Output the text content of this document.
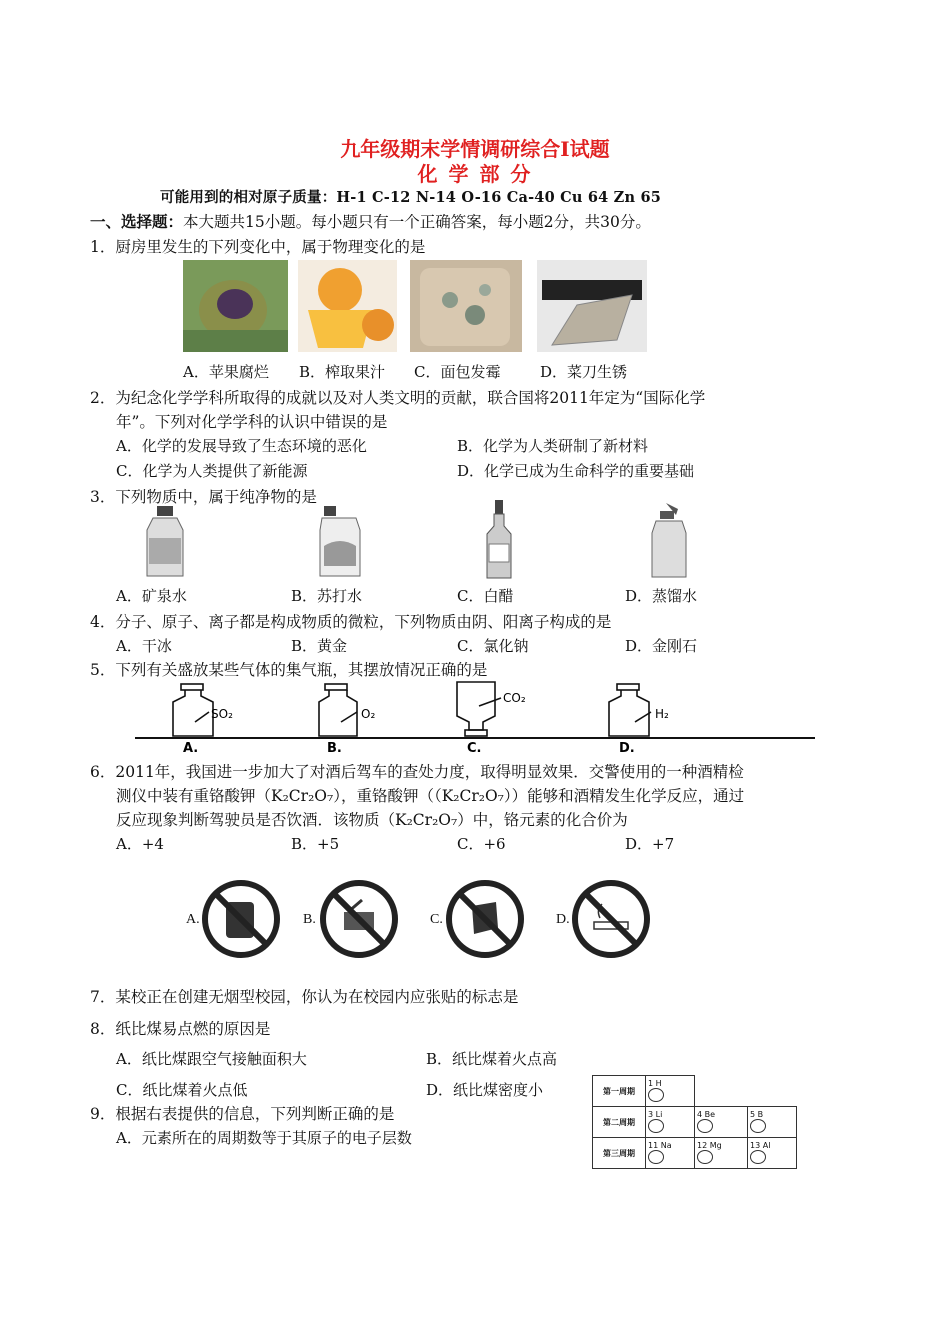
九年级期末学情调研综合Ⅰ试题
化 学 部 分
可能用到的相对原子质量：H-1 C-12 N-14 O-16 Ca-40 Cu 64 Zn 65
一、选择题：本大题共15小题。每小题只有一个正确答案，每小题2分，共30分。
1．厨房里发生的下列变化中，属于物理变化的是
A．苹果腐烂 B．榨取果汁 C．面包发霉	D．菜刀生锈
2．为纪念化学学科所取得的成就以及对人类文明的贡献，联合国将2011年定为“国际化学
年”。下列对化学学科的认识中错误的是
A．化学的发展导致了生态环境的恶化	B．化学为人类研制了新材料
C．化学为人类提供了新能源	D．化学已成为生命科学的重要基础
3．下列物质中，属于纯净物的是
A．矿泉水	B．苏打水	C．白醋	D．蒸馏水
4．分子、原子、离子都是构成物质的微粒，下列物质由阴、阳离子构成的是
A．干冰	B．黄金	C．氯化钠	D．金刚石
5．下列有关盛放某些气体的集气瓶，其摆放情况正确的是
SO₂
A.
O₂
B.
CO₂
C.
H₂
D.
6．2011年，我国进一步加大了对酒后驾车的查处力度，取得明显效果．交警使用的一种酒精检
测仪中装有重铬酸钾（K₂Cr₂O₇），重铬酸钾（（K₂Cr₂O₇））能够和酒精发生化学反应，通过
反应现象判断驾驶员是否饮酒．该物质（K₂Cr₂O₇）中，铬元素的化合价为
A．+4	B．+5	C．+6	D．+7
A.	B.	C.	D.
7．某校正在创建无烟型校园，你认为在校园内应张贴的标志是
8．纸比煤易点燃的原因是
A．纸比煤跟空气接触面积大	B．纸比煤着火点高
C．纸比煤着火点低	D．纸比煤密度小
9．根据右表提供的信息，下列判断正确的是
A．元素所在的周期数等于其原子的电子层数
第一周期	1 H		

第二周期	3 Li	4 Be	5 B

第三周期	11 Na	12 Mg	13 Al
